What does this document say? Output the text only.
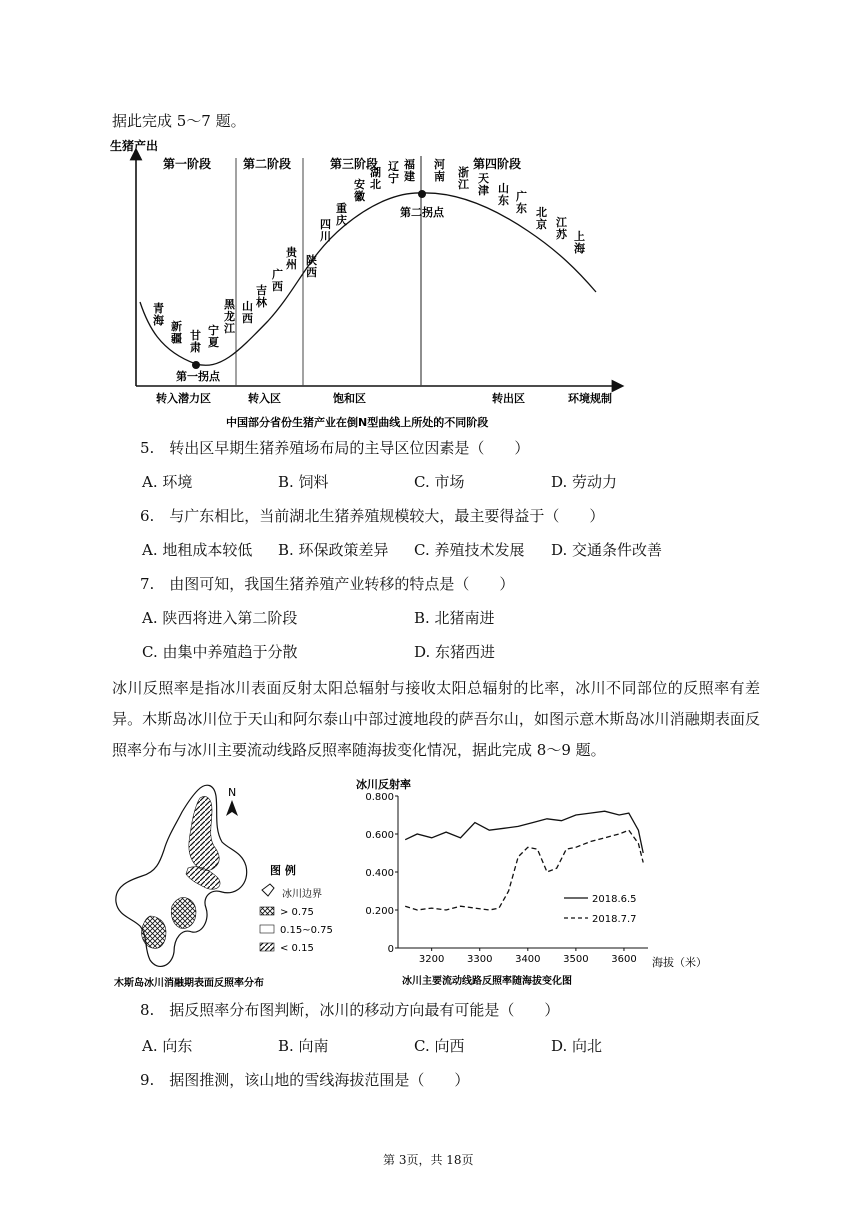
据此完成 5～7 题。
生猪产出
第一阶段	第二阶段	第三阶段	第四阶段
第一拐点
第二拐点
转入潜力区	转入区	饱和区	转出区	环境规制
青
海 新
疆 甘
肃
宁
夏
黑
龙
江
山
西
吉
林
广
西
贵
州 陕
西
四
川
重
庆
安
徽
湖
北
辽
宁
福
建
河
南 浙
江 天
津 山
东 广
东 北
京 江
苏 上
海
中国部分省份生猪产业在倒N型曲线上所处的不同阶段
5.　转出区早期生猪养殖场布局的主导区位因素是（　　）
A. 环境	B. 饲料	C. 市场	D. 劳动力
6.　与广东相比，当前湖北生猪养殖规模较大，最主要得益于（　　）
A. 地租成本较低 B. 环保政策差异 C. 养殖技术发展 D. 交通条件改善
7.　由图可知，我国生猪养殖产业转移的特点是（　　）
A. 陕西将进入第二阶段	B. 北猪南进
C. 由集中养殖趋于分散	D. 东猪西进
冰川反照率是指冰川表面反射太阳总辐射与接收太阳总辐射的比率，冰川不同部位的反照率有差异。木斯岛冰川位于天山和阿尔泰山中部过渡地段的萨吾尔山，如图示意木斯岛冰川消融期表面反照率分布与冰川主要流动线路反照率随海拔变化情况，据此完成 8～9 题。
N
图 例
冰川边界
> 0.75
0.15~0.75
< 0.15
木斯岛冰川消融期表面反照率分布
冰川反射率
0
0.200
0.400
0.600
0.800
3200 3300 3400 3500 3600
2018.6.5
2018.7.7
海拔（米）
冰川主要流动线路反照率随海拔变化图
8.　据反照率分布图判断，冰川的移动方向最有可能是（　　）
A. 向东	B. 向南	C. 向西	D. 向北
9.　据图推测，该山地的雪线海拔范围是（　　）
第 3页，共 18页
